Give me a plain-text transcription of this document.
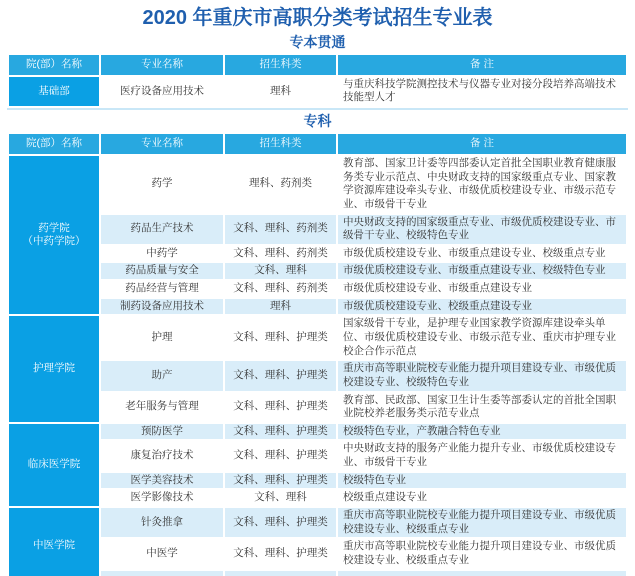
2020 年重庆市高职分类考试招生专业表
专本贯通
院(部）名称	专业名称	招生科类	备 注

基础部	医疗设备应用技术	理科	与重庆科技学院测控技术与仪器专业对接分段培养高端技术技能型人才
专科
院(部）名称	专业名称	招生科类	备 注

药学院
（中药学院）	药学	理科、药剂类	教育部、国家卫计委等四部委认定首批全国职业教育健康服务类专业示范点、中央财政支持的国家级重点专业、国家教学资源库建设牵头专业、市级优质校建设专业、市级示范专业、市级骨干专业
	药品生产技术	文科、理科、药剂类	中央财政支持的国家级重点专业、市级优质校建设专业、市级骨干专业、校级特色专业
	中药学	文科、理科、药剂类	市级优质校建设专业、市级重点建设专业、校级重点专业
	药品质量与安全	文科、理科	市级优质校建设专业、市级重点建设专业、校级特色专业
	药品经营与管理	文科、理科、药剂类	市级优质校建设专业、市级重点建设专业
	制药设备应用技术	理科	市级优质校建设专业、校级重点建设专业

护理学院	护理	文科、理科、护理类	国家级骨干专业，是护理专业国家教学资源库建设牵头单位、市级优质校建设专业、市级示范专业、重庆市护理专业校企合作示范点
	助产	文科、理科、护理类	重庆市高等职业院校专业能力提升项目建设专业、市级优质校建设专业、校级特色专业
	老年服务与管理	文科、理科、护理类	教育部、民政部、国家卫生计生委等部委认定的首批全国职业院校养老服务类示范专业点

临床医学院	预防医学	文科、理科、护理类	校级特色专业，产教融合特色专业
	康复治疗技术	文科、理科、护理类	中央财政支持的服务产业能力提升专业、市级优质校建设专业、市级骨干专业
	医学美容技术	文科、理科、护理类	校级特色专业
	医学影像技术	文科、理科	校级重点建设专业

中医学院	针灸推拿	文科、理科、护理类	重庆市高等职业院校专业能力提升项目建设专业、市级优质校建设专业、校级重点专业
	中医学	文科、理科、护理类	重庆市高等职业院校专业能力提升项目建设专业、市级优质校建设专业、校级重点专业
